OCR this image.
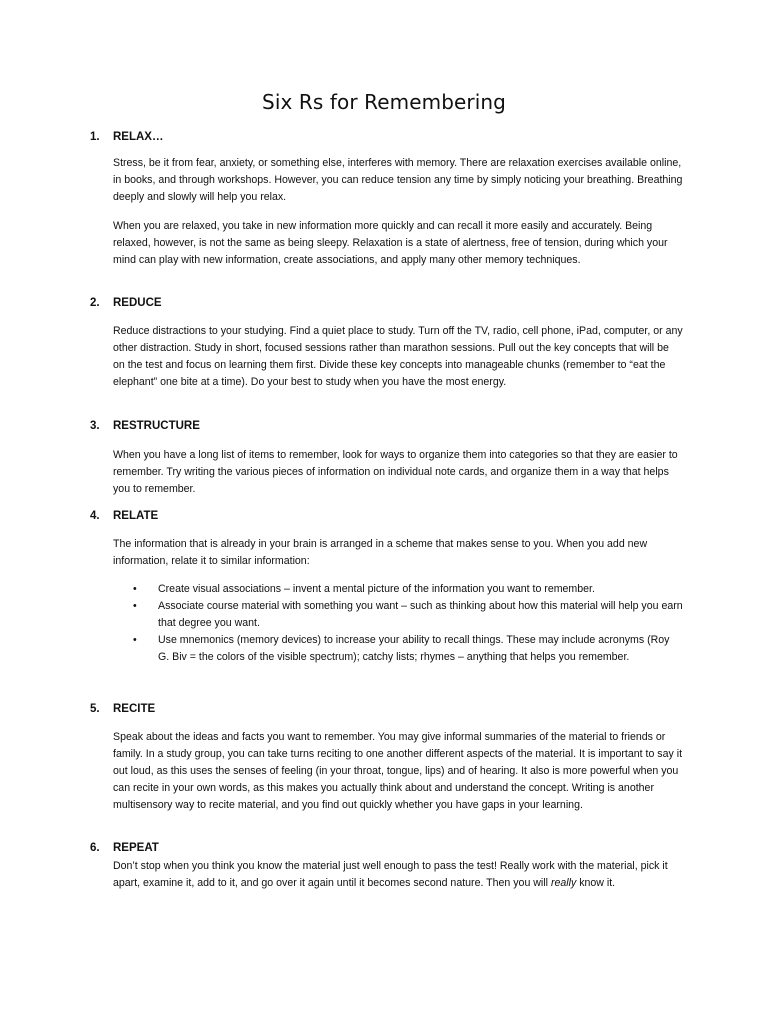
Six Rs for Remembering
1. RELAX…

Stress, be it from fear, anxiety, or something else, interferes with memory. There are relaxation exercises available online, in books, and through workshops. However, you can reduce tension any time by simply noticing your breathing. Breathing deeply and slowly will help you relax.

When you are relaxed, you take in new information more quickly and can recall it more easily and accurately. Being relaxed, however, is not the same as being sleepy. Relaxation is a state of alertness, free of tension, during which your mind can play with new information, create associations, and apply many other memory techniques.

2. REDUCE

Reduce distractions to your studying. Find a quiet place to study. Turn off the TV, radio, cell phone, iPad, computer, or any other distraction. Study in short, focused sessions rather than marathon sessions. Pull out the key concepts that will be on the test and focus on learning them first. Divide these key concepts into manageable chunks (remember to “eat the elephant” one bite at a time). Do your best to study when you have the most energy.

3. RESTRUCTURE

When you have a long list of items to remember, look for ways to organize them into categories so that they are easier to remember. Try writing the various pieces of information on individual note cards, and organize them in a way that helps you to remember.

4. RELATE

The information that is already in your brain is arranged in a scheme that makes sense to you. When you add new information, relate it to similar information:

• Create visual associations – invent a mental picture of the information you want to remember.
• Associate course material with something you want – such as thinking about how this material will help you earn that degree you want.
• Use mnemonics (memory devices) to increase your ability to recall things. These may include acronyms (Roy G. Biv = the colors of the visible spectrum); catchy lists; rhymes – anything that helps you remember.
5. RECITE

Speak about the ideas and facts you want to remember. You may give informal summaries of the material to friends or family. In a study group, you can take turns reciting to one another different aspects of the material. It is important to say it out loud, as this uses the senses of feeling (in your throat, tongue, lips) and of hearing. It also is more powerful when you can recite in your own words, as this makes you actually think about and understand the concept. Writing is another multisensory way to recite material, and you find out quickly whether you have gaps in your learning.

6. REPEAT

Don’t stop when you think you know the material just well enough to pass the test! Really work with the material, pick it apart, examine it, add to it, and go over it again until it becomes second nature. Then you will really know it.
